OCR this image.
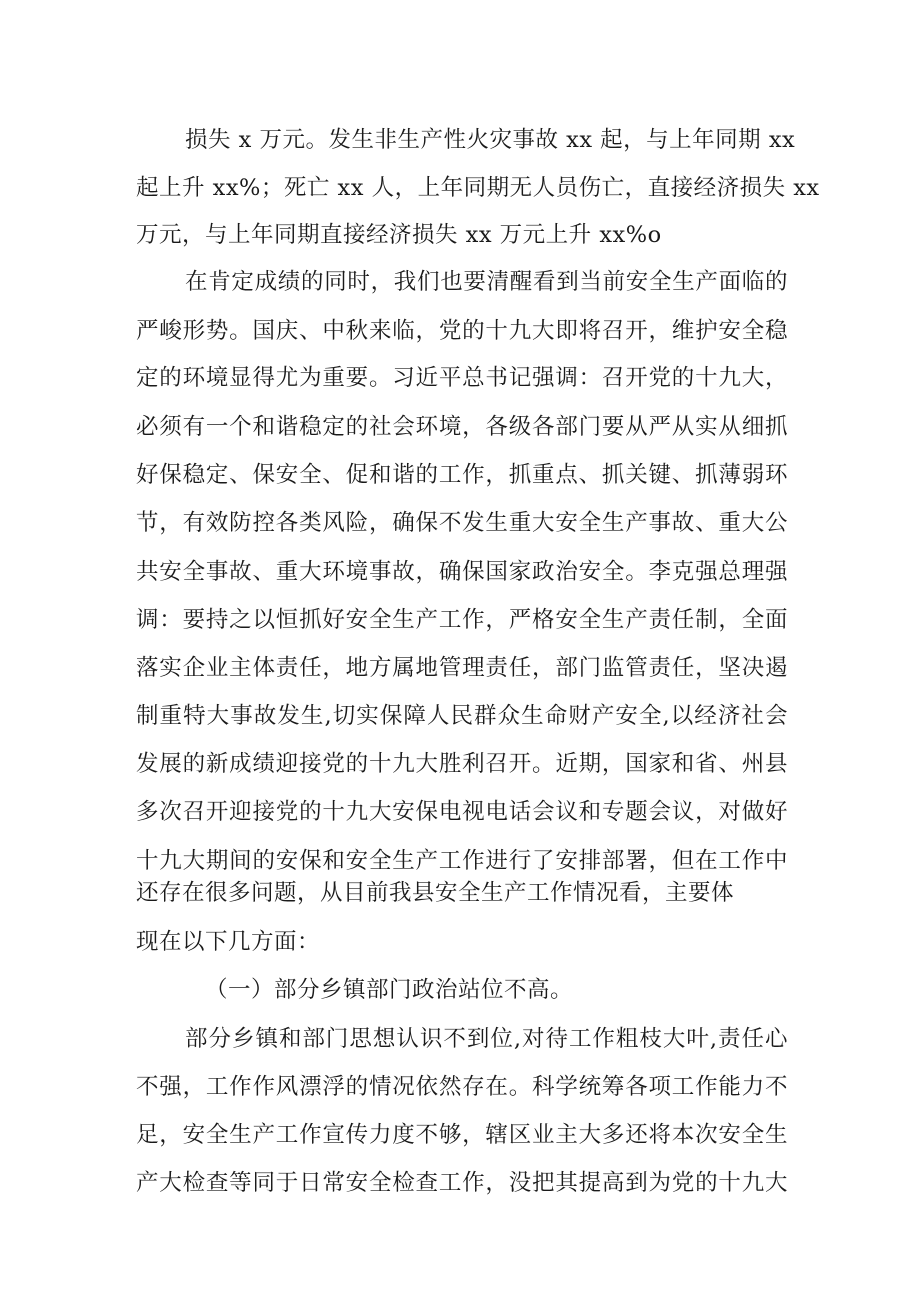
损失 x 万元。发生非生产性火灾事故 xx 起，与上年同期 xx
起上升 xx%；死亡 xx 人，上年同期无人员伤亡，直接经济损失 xx
万元，与上年同期直接经济损失 xx 万元上升 xx%o
在肯定成绩的同时，我们也要清醒看到当前安全生产面临的
严峻形势。国庆、中秋来临，党的十九大即将召开，维护安全稳
定的环境显得尤为重要。习近平总书记强调：召开党的十九大，
必须有一个和谐稳定的社会环境，各级各部门要从严从实从细抓
好保稳定、保安全、促和谐的工作，抓重点、抓关键、抓薄弱环
节，有效防控各类风险，确保不发生重大安全生产事故、重大公
共安全事故、重大环境事故，确保国家政治安全。李克强总理强
调：要持之以恒抓好安全生产工作，严格安全生产责任制，全面
落实企业主体责任，地方属地管理责任，部门监管责任，坚决遏
制重特大事故发生,切实保障人民群众生命财产安全,以经济社会
发展的新成绩迎接党的十九大胜利召开。近期，国家和省、州县
多次召开迎接党的十九大安保电视电话会议和专题会议，对做好
十九大期间的安保和安全生产工作进行了安排部署，但在工作中
还存在很多问题，从目前我县安全生产工作情况看，主要体
现在以下几方面：
（一）部分乡镇部门政治站位不高。
部分乡镇和部门思想认识不到位,对待工作粗枝大叶,责任心
不强，工作作风漂浮的情况依然存在。科学统筹各项工作能力不
足，安全生产工作宣传力度不够，辖区业主大多还将本次安全生
产大检查等同于日常安全检查工作，没把其提高到为党的十九大
